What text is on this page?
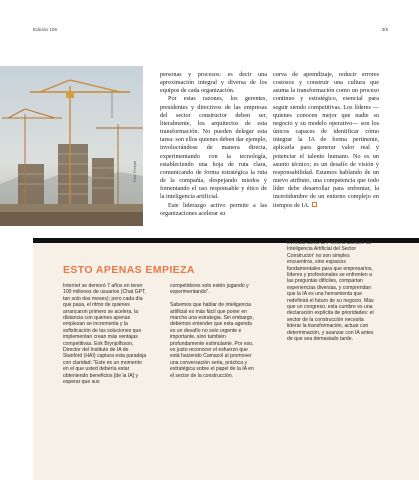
Edición 106	3/6
Foto: Freepik

personas y procesos: es decir una aproximación integral y diversa de los equipos de cada organización.

Por estas razones, los gerentes, presidentes y directivos de las empresas del sector constructor deben ser, literalmente, los arquitectos de esta transformación. No pueden delegar esta tarea: son ellos quienes deben dar ejemplo, involucrándose de manera directa, experimentando con la tecnología, estableciendo una hoja de ruta clara, comunicando de forma estratégica la ruta de la compañía, despejando miedos y fomentando el uso responsable y ético de la inteligencia artificial.

Este liderazgo activo permite a las organizaciones acelerar su

curva de aprendizaje, reducir errores costosos y construir una cultura que asuma la transformación como un proceso continuo y estratégico, esencial para seguir siendo competitivas. Los líderes —quienes conocen mejor que nadie su negocio y su modelo operativo— son los únicos capaces de identificar cómo integrar la IA de forma pertinente, aplicarla para generar valor real y potenciar el talento humano. No es un asunto técnico; es un desafío de visión y responsabilidad. Estamos hablando de un nuevo atributo, una competencia que todo líder debe desarrollar para enfrentar, la incertidumbre de un entorno complejo en tiempos de IA.

ESTO APENAS EMPIEZA

Internet se demoró 7 años en tener 100 millones de usuarios (Chat GPT, tan solo dos meses); pero cada día que pasa, el ritmo de quienes arrancaron primero se acelera, la distancia con quienes apenas empiezan se incrementa y la sofisticación de las soluciones que implementan crean más ventajas competitivas. Erik Brynjolfsson, Director del Instituto de IA de Stanford (HAI) captura esta paradoja con claridad: "Este es un momento en el que usted debería estar obteniendo beneficios [de la IA] y esperar que sus

competidores solo estén jugando y experimentando".

Sabemos que hablar de inteligencia artificial es más fácil que poner en marcha una estrategia. Sin embargo, debemos entender que esta agenda es un desafío no solo urgente e importante, sino también profundamente estimulante. Por eso, es justo reconocer el esfuerzo que está haciendo Camacol al promover una conversación seria, práctica y estratégica sobre el papel de la IA en el sector de la construcción.

Eventos como la 'Primera Cumbre de Inteligencia Artificial del Sector Constructor' no son simples encuentros, sino espacios fundamentales para que empresarios, líderes y profesionales se enfrenten a las preguntas difíciles, compartan experiencias diversas, y comprendan que la IA es una herramienta que redefinirá el futuro de su negocio. Más que un congreso, esta cumbre es una declaración explícita de prioridades: el sector de la construcción necesita liderar la transformación, actuar con determinación, y avanzar con IA antes de que sea demasiado tarde.
